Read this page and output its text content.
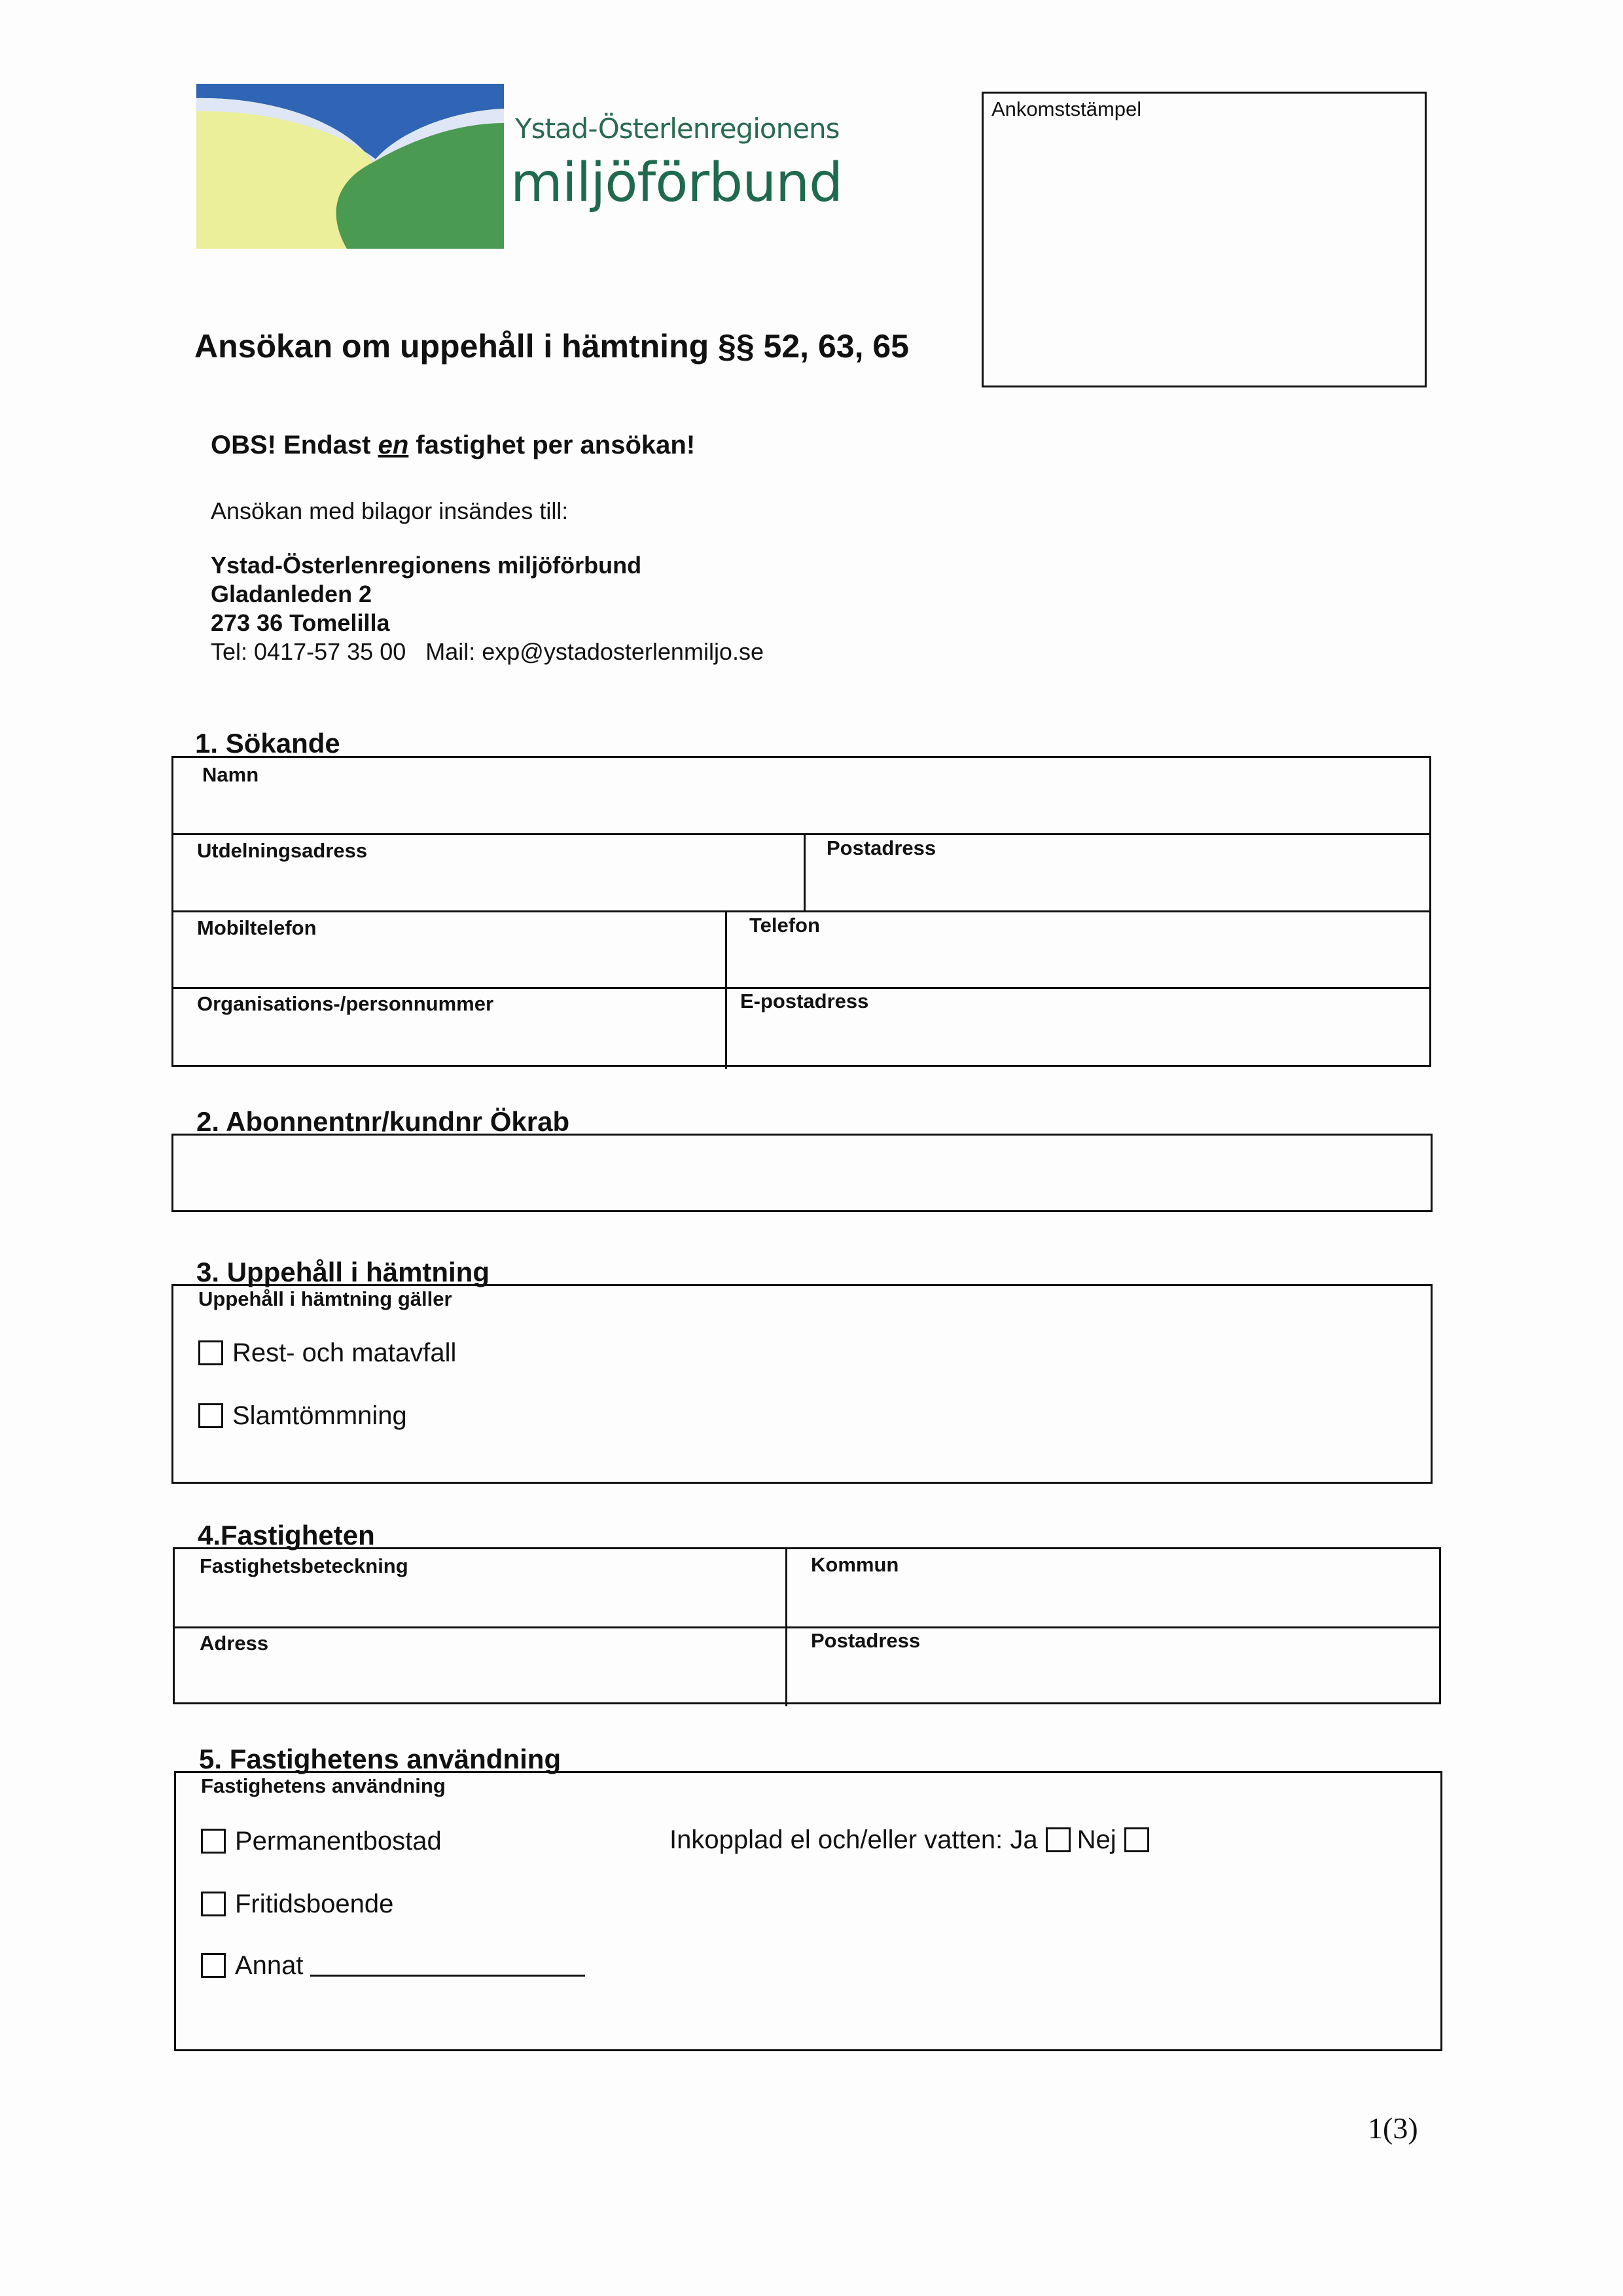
Ystad-Österlenregionens
miljöförbund
Ankomststämpel
Ansökan om uppehåll i hämtning §§ 52, 63, 65
OBS! Endast en fastighet per ansökan!
Ansökan med bilagor insändes till:
Ystad-Österlenregionens miljöförbund
Gladanleden 2
273 36 Tomelilla
Tel: 0417-57 35 00   Mail: exp@ystadosterlenmiljo.se
1. Sökande
Namn
Utdelningsadress	Postadress
Mobiltelefon	Telefon
Organisations-/personnummer	E-postadress
2. Abonnentnr/kundnr Ökrab
3. Uppehåll i hämtning
Uppehåll i hämtning gäller
Rest- och matavfall
Slamtömmning
4.Fastigheten
Fastighetsbeteckning	Kommun
Adress	Postadress
5. Fastighetens användning
Fastighetens användning
Permanentbostad
Fritidsboende
Annat
Inkopplad el och/eller vatten: Ja Nej
1(3)
